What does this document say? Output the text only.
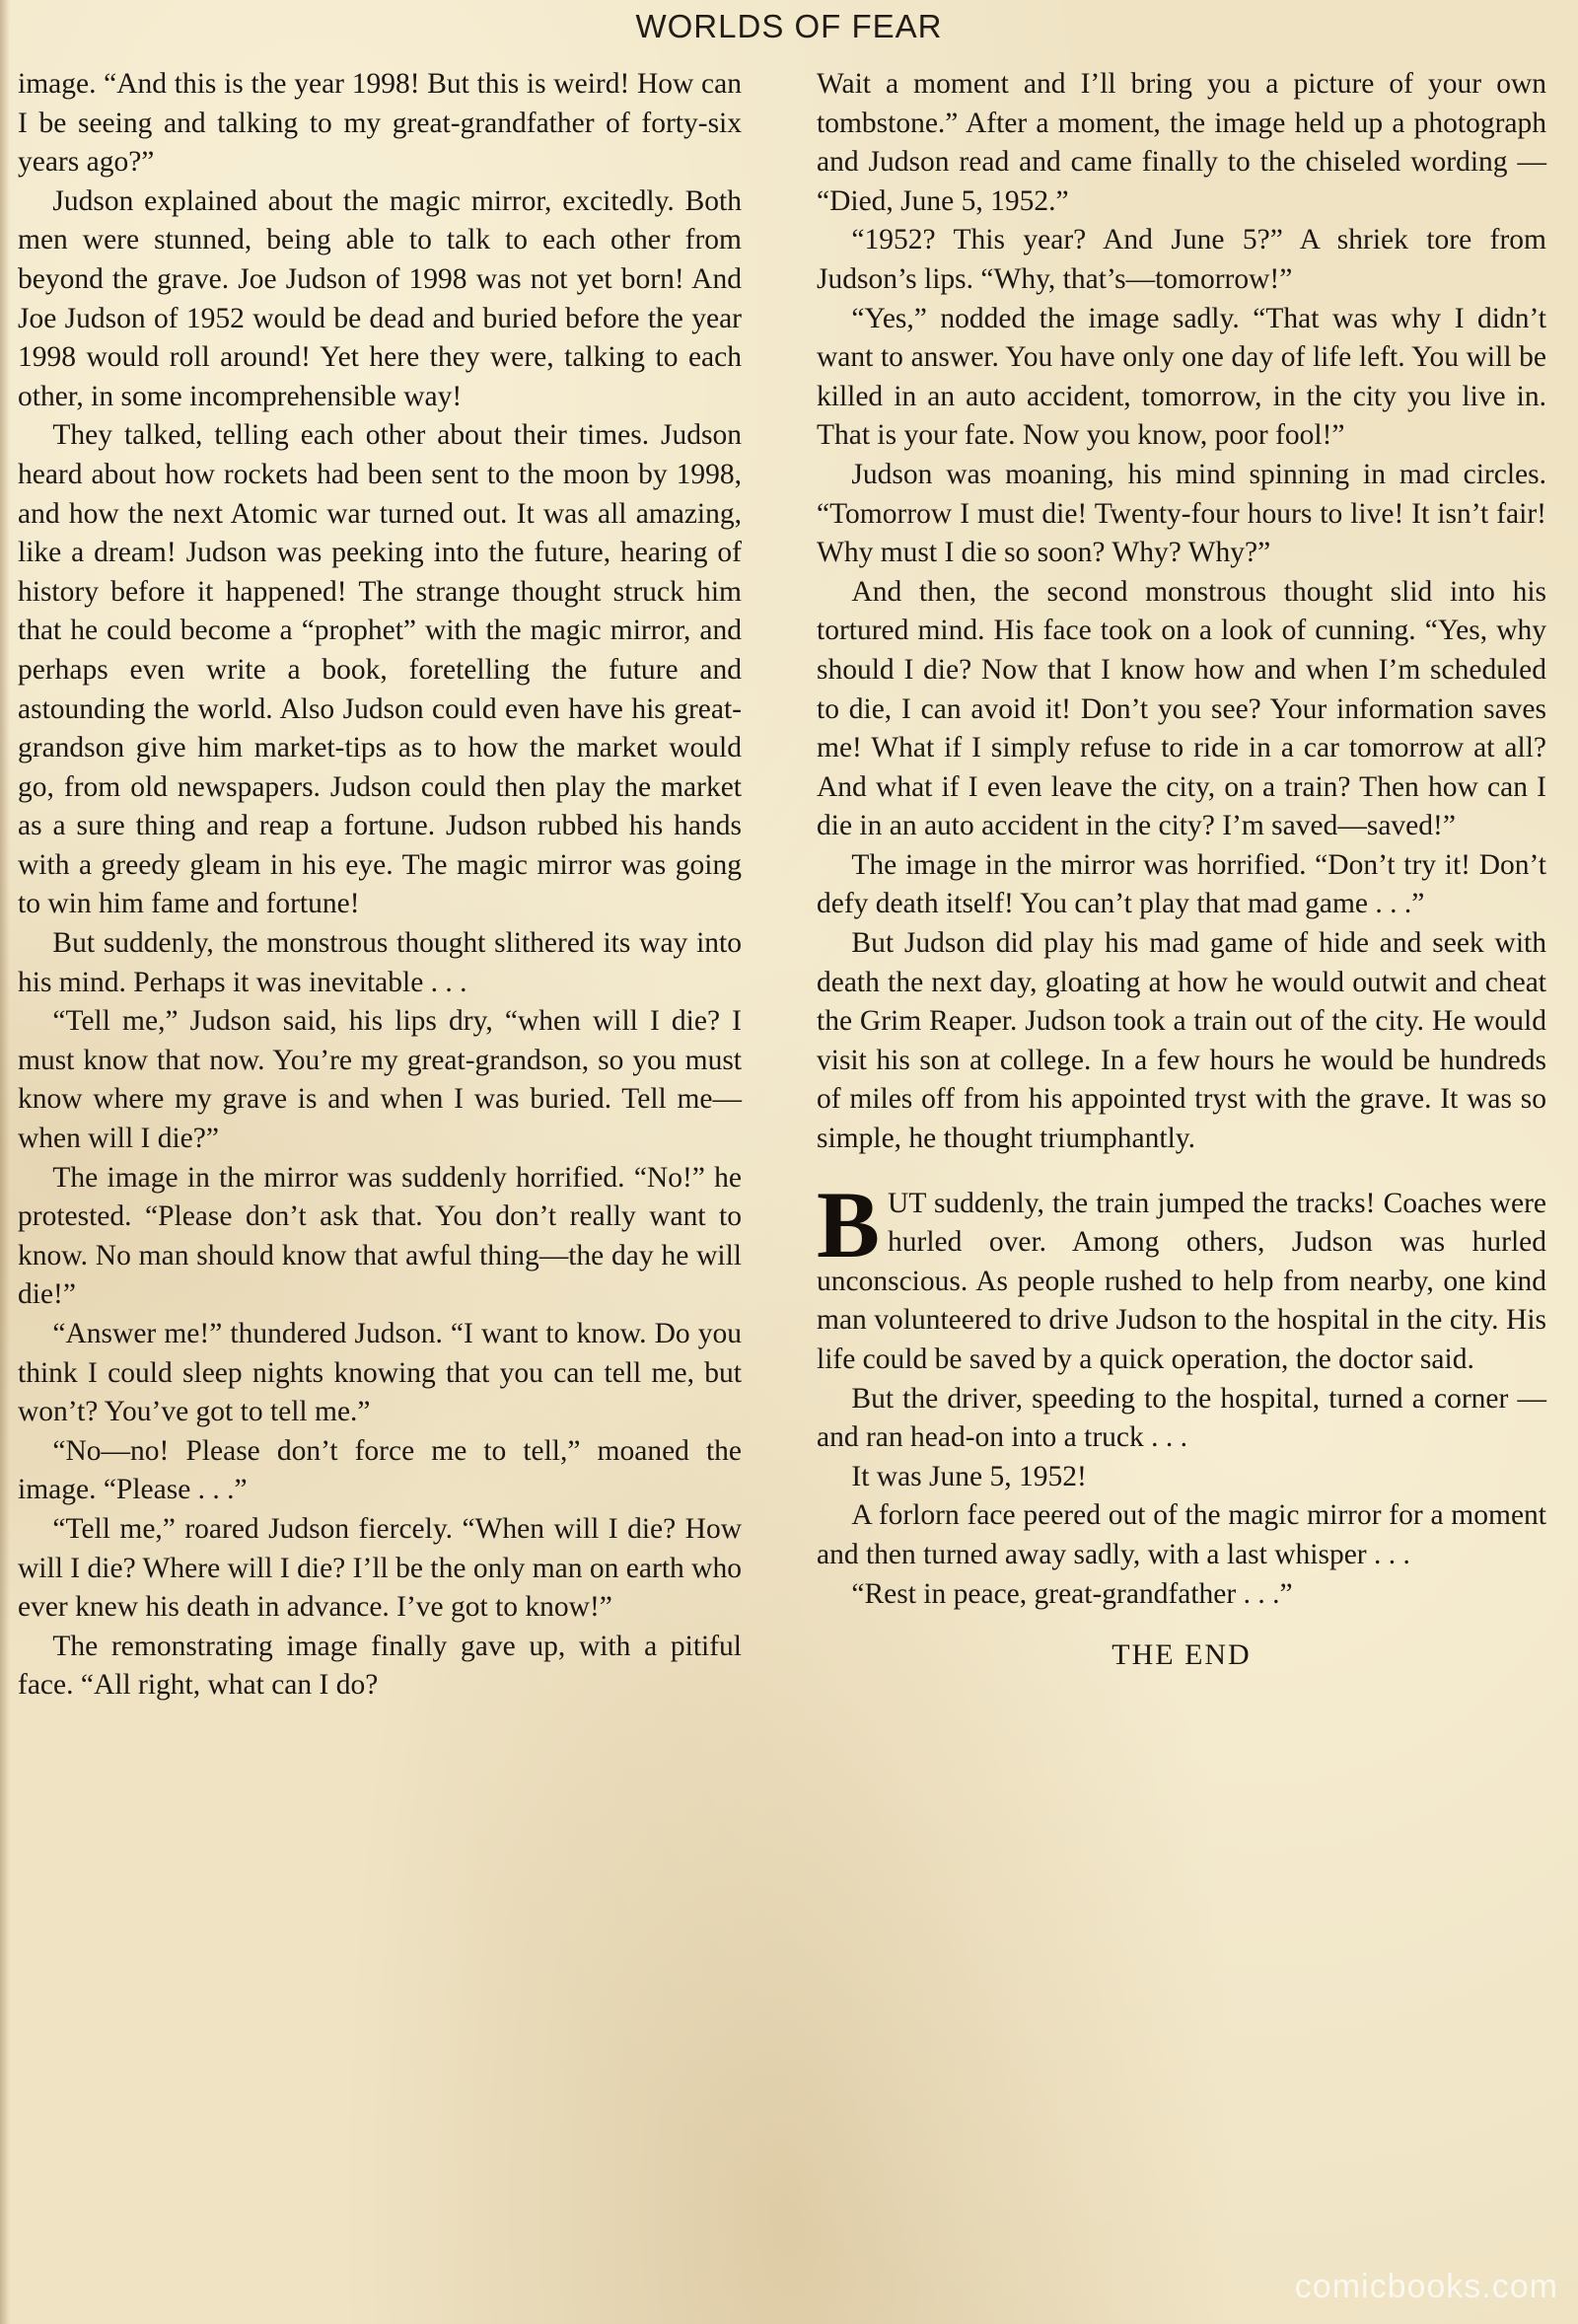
WORLDS OF FEAR

image. “And this is the year 1998! But this is weird! How can I be seeing and talking to my great-grandfather of forty-six years ago?”

Judson explained about the magic mirror, excitedly. Both men were stunned, being able to talk to each other from beyond the grave. Joe Judson of 1998 was not yet born! And Joe Judson of 1952 would be dead and buried before the year 1998 would roll around! Yet here they were, talking to each other, in some incomprehensible way!

They talked, telling each other about their times. Judson heard about how rockets had been sent to the moon by 1998, and how the next Atomic war turned out. It was all amazing, like a dream! Judson was peeking into the future, hearing of history before it happened! The strange thought struck him that he could become a “prophet” with the magic mirror, and perhaps even write a book, foretelling the future and astounding the world. Also Judson could even have his great-grandson give him market-tips as to how the market would go, from old newspapers. Judson could then play the market as a sure thing and reap a fortune. Judson rubbed his hands with a greedy gleam in his eye. The magic mirror was going to win him fame and fortune!

But suddenly, the monstrous thought slithered its way into his mind. Perhaps it was inevitable . . .

“Tell me,” Judson said, his lips dry, “when will I die? I must know that now. You’re my great-grandson, so you must know where my grave is and when I was buried. Tell me—when will I die?”

The image in the mirror was suddenly horrified. “No!” he protested. “Please don’t ask that. You don’t really want to know. No man should know that awful thing—the day he will die!”

“Answer me!” thundered Judson. “I want to know. Do you think I could sleep nights knowing that you can tell me, but won’t? You’ve got to tell me.”

“No—no! Please don’t force me to tell,” moaned the image. “Please . . .”

“Tell me,” roared Judson fiercely. “When will I die? How will I die? Where will I die? I’ll be the only man on earth who ever knew his death in advance. I’ve got to know!”

The remonstrating image finally gave up, with a pitiful face. “All right, what can I do?

Wait a moment and I’ll bring you a picture of your own tombstone.” After a moment, the image held up a photograph and Judson read and came finally to the chiseled wording — “Died, June 5, 1952.”

“1952? This year? And June 5?” A shriek tore from Judson’s lips. “Why, that’s—tomorrow!”

“Yes,” nodded the image sadly. “That was why I didn’t want to answer. You have only one day of life left. You will be killed in an auto accident, tomorrow, in the city you live in. That is your fate. Now you know, poor fool!”

Judson was moaning, his mind spinning in mad circles. “Tomorrow I must die! Twenty-four hours to live! It isn’t fair! Why must I die so soon? Why? Why?”

And then, the second monstrous thought slid into his tortured mind. His face took on a look of cunning. “Yes, why should I die? Now that I know how and when I’m scheduled to die, I can avoid it! Don’t you see? Your information saves me! What if I simply refuse to ride in a car tomorrow at all? And what if I even leave the city, on a train? Then how can I die in an auto accident in the city? I’m saved—saved!”

The image in the mirror was horrified. “Don’t try it! Don’t defy death itself! You can’t play that mad game . . .”

But Judson did play his mad game of hide and seek with death the next day, gloating at how he would outwit and cheat the Grim Reaper. Judson took a train out of the city. He would visit his son at college. In a few hours he would be hundreds of miles off from his appointed tryst with the grave. It was so simple, he thought triumphantly.

BUT suddenly, the train jumped the tracks! Coaches were hurled over. Among others, Judson was hurled unconscious. As people rushed to help from nearby, one kind man volunteered to drive Judson to the hospital in the city. His life could be saved by a quick operation, the doctor said.

But the driver, speeding to the hospital, turned a corner — and ran head-on into a truck . . .

It was June 5, 1952!

A forlorn face peered out of the magic mirror for a moment and then turned away sadly, with a last whisper . . .

“Rest in peace, great-grandfather . . .”

THE END
comicbooks.com
